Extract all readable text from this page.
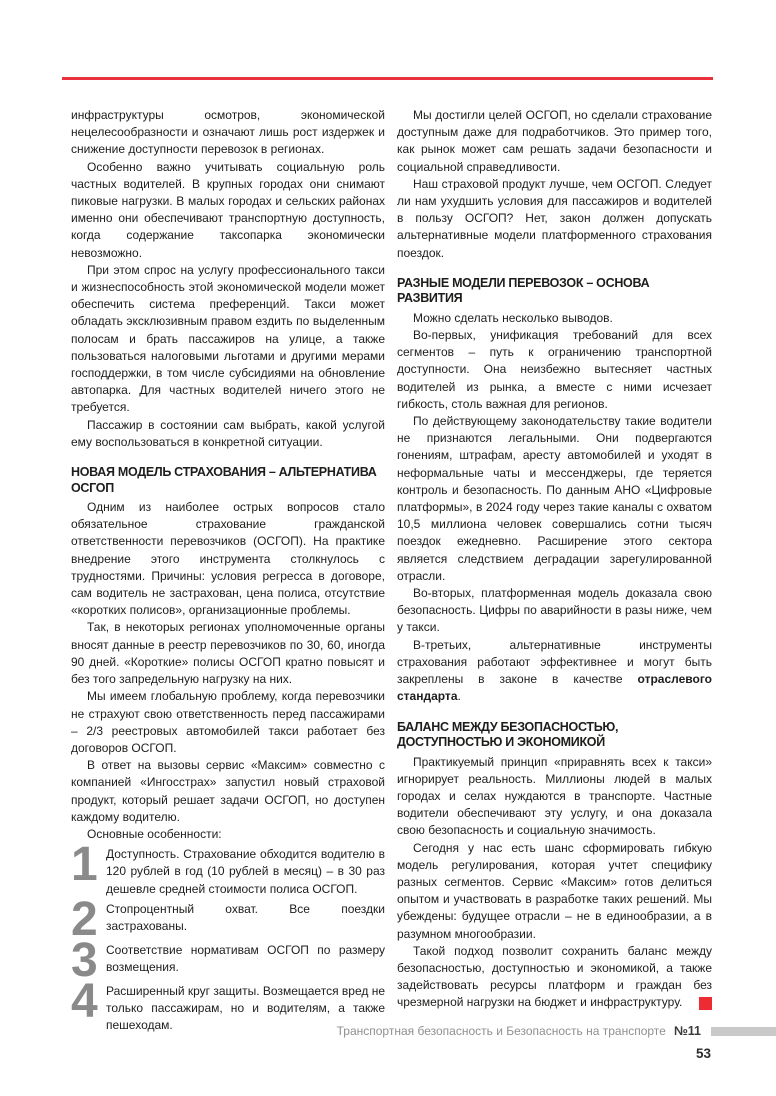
инфраструктуры осмотров, экономической нецелесообразности и означают лишь рост издержек и снижение доступности перевозок в регионах.

Особенно важно учитывать социальную роль частных водителей. В крупных городах они снимают пиковые нагрузки. В малых городах и сельских районах именно они обеспечивают транспортную доступность, когда содержание таксопарка экономически невозможно.

При этом спрос на услугу профессионального такси и жизнеспособность этой экономической модели может обеспечить система преференций. Такси может обладать эксклюзивным правом ездить по выделенным полосам и брать пассажиров на улице, а также пользоваться налоговыми льготами и другими мерами господдержки, в том числе субсидиями на обновление автопарка. Для частных водителей ничего этого не требуется.

Пассажир в состоянии сам выбрать, какой услугой ему воспользоваться в конкретной ситуации.

НОВАЯ МОДЕЛЬ СТРАХОВАНИЯ – АЛЬТЕРНАТИВА ОСГОП

Одним из наиболее острых вопросов стало обязательное страхование гражданской ответственности перевозчиков (ОСГОП). На практике внедрение этого инструмента столкнулось с трудностями. Причины: условия регресса в договоре, сам водитель не застрахован, цена полиса, отсутствие «коротких полисов», организационные проблемы.

Так, в некоторых регионах уполномоченные органы вносят данные в реестр перевозчиков по 30, 60, иногда 90 дней. «Короткие» полисы ОСГОП кратно повысят и без того запредельную нагрузку на них.

Мы имеем глобальную проблему, когда перевозчики не страхуют свою ответственность перед пассажирами – 2/3 реестровых автомобилей такси работает без договоров ОСГОП.

В ответ на вызовы сервис «Максим» совместно с компанией «Ингосстрах» запустил новый страховой продукт, который решает задачи ОСГОП, но доступен каждому водителю.

Основные особенности:

1 Доступность. Страхование обходится водителю в 120 рублей в год (10 рублей в месяц) – в 30 раз дешевле средней стоимости полиса ОСГОП.
2 Стопроцентный охват. Все поездки застрахованы.
3 Соответствие нормативам ОСГОП по размеру возмещения.
4 Расширенный круг защиты. Возмещается вред не только пассажирам, но и водителям, а также пешеходам.

Мы достигли целей ОСГОП, но сделали страхование доступным даже для подработчиков. Это пример того, как рынок может сам решать задачи безопасности и социальной справедливости.

Наш страховой продукт лучше, чем ОСГОП. Следует ли нам ухудшить условия для пассажиров и водителей в пользу ОСГОП? Нет, закон должен допускать альтернативные модели платформенного страхования поездок.

РАЗНЫЕ МОДЕЛИ ПЕРЕВОЗОК – ОСНОВА РАЗВИТИЯ

Можно сделать несколько выводов.

Во-первых, унификация требований для всех сегментов – путь к ограничению транспортной доступности. Она неизбежно вытесняет частных водителей из рынка, а вместе с ними исчезает гибкость, столь важная для регионов.

По действующему законодательству такие водители не признаются легальными. Они подвергаются гонениям, штрафам, аресту автомобилей и уходят в неформальные чаты и мессенджеры, где теряется контроль и безопасность. По данным АНО «Цифровые платформы», в 2024 году через такие каналы с охватом 10,5 миллиона человек совершались сотни тысяч поездок ежедневно. Расширение этого сектора является следствием деградации зарегулированной отрасли.

Во-вторых, платформенная модель доказала свою безопасность. Цифры по аварийности в разы ниже, чем у такси.

В-третьих, альтернативные инструменты страхования работают эффективнее и могут быть закреплены в законе в качестве отраслевого стандарта.

БАЛАНС МЕЖДУ БЕЗОПАСНОСТЬЮ, ДОСТУПНОСТЬЮ И ЭКОНОМИКОЙ

Практикуемый принцип «приравнять всех к такси» игнорирует реальность. Миллионы людей в малых городах и селах нуждаются в транспорте. Частные водители обеспечивают эту услугу, и она доказала свою безопасность и социальную значимость.

Сегодня у нас есть шанс сформировать гибкую модель регулирования, которая учтет специфику разных сегментов. Сервис «Максим» готов делиться опытом и участвовать в разработке таких решений. Мы убеждены: будущее отрасли – не в единообразии, а в разумном многообразии.

Такой подход позволит сохранить баланс между безопасностью, доступностью и экономикой, а также задействовать ресурсы платформ и граждан без чрезмерной нагрузки на бюджет и инфраструктуру.

Транспортная безопасность и Безопасность на транспорте №11
53
